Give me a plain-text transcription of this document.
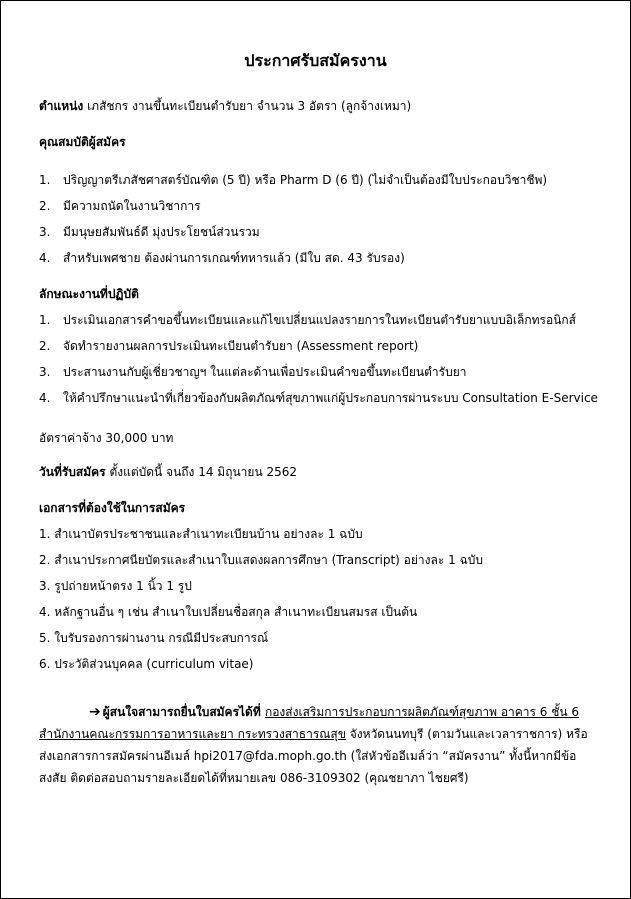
ประกาศรับสมัครงาน
ตำแหน่ง เภสัชกร งานขึ้นทะเบียนตำรับยา จำนวน 3 อัตรา (ลูกจ้างเหมา)
คุณสมบัติผู้สมัคร
1. ปริญญาตรีเภสัชศาสตร์บัณฑิต (5 ปี) หรือ Pharm D (6 ปี) (ไม่จำเป็นต้องมีใบประกอบวิชาชีพ)
2. มีความถนัดในงานวิชาการ
3. มีมนุษยสัมพันธ์ดี มุ่งประโยชน์ส่วนรวม
4. สำหรับเพศชาย ต้องผ่านการเกณฑ์ทหารแล้ว (มีใบ สด. 43 รับรอง)
ลักษณะงานที่ปฏิบัติ
1. ประเมินเอกสารคำขอขึ้นทะเบียนและแก้ไขเปลี่ยนแปลงรายการในทะเบียนตำรับยาแบบอิเล็กทรอนิกส์
2. จัดทำรายงานผลการประเมินทะเบียนตำรับยา (Assessment report)
3. ประสานงานกับผู้เชี่ยวชาญฯ ในแต่ละด้านเพื่อประเมินคำขอขึ้นทะเบียนตำรับยา
4. ให้คำปรึกษาแนะนำที่เกี่ยวข้องกับผลิตภัณฑ์สุขภาพแก่ผู้ประกอบการผ่านระบบ Consultation E-Service
อัตราค่าจ้าง 30,000 บาท
วันที่รับสมัคร ตั้งแต่บัดนี้ จนถึง 14 มิถุนายน 2562
เอกสารที่ต้องใช้ในการสมัคร
1. สำเนาบัตรประชาชนและสำเนาทะเบียนบ้าน อย่างละ 1 ฉบับ
2. สำเนาประกาศนียบัตรและสำเนาใบแสดงผลการศึกษา (Transcript) อย่างละ 1 ฉบับ
3. รูปถ่ายหน้าตรง 1 นิ้ว 1 รูป
4. หลักฐานอื่น ๆ เช่น สำเนาใบเปลี่ยนชื่อสกุล สำเนาทะเบียนสมรส เป็นต้น
5. ใบรับรองการผ่านงาน กรณีมีประสบการณ์
6. ประวัติส่วนบุคคล (curriculum vitae)
➔ ผู้สนใจสามารถยื่นใบสมัครได้ที่ กองส่งเสริมการประกอบการผลิตภัณฑ์สุขภาพ อาคาร 6 ชั้น 6 สำนักงานคณะกรรมการอาหารและยา กระทรวงสาธารณสุข จังหวัดนนทบุรี (ตามวันและเวลาราชการ) หรือส่งเอกสารการสมัครผ่านอีเมล์ hpi2017@fda.moph.go.th (ใส่หัวข้ออีเมล์ว่า “สมัครงาน” ทั้งนี้หากมีข้อสงสัย ติดต่อสอบถามรายละเอียดได้ที่หมายเลข 086-3109302 (คุณชยาภา ไชยศรี)
